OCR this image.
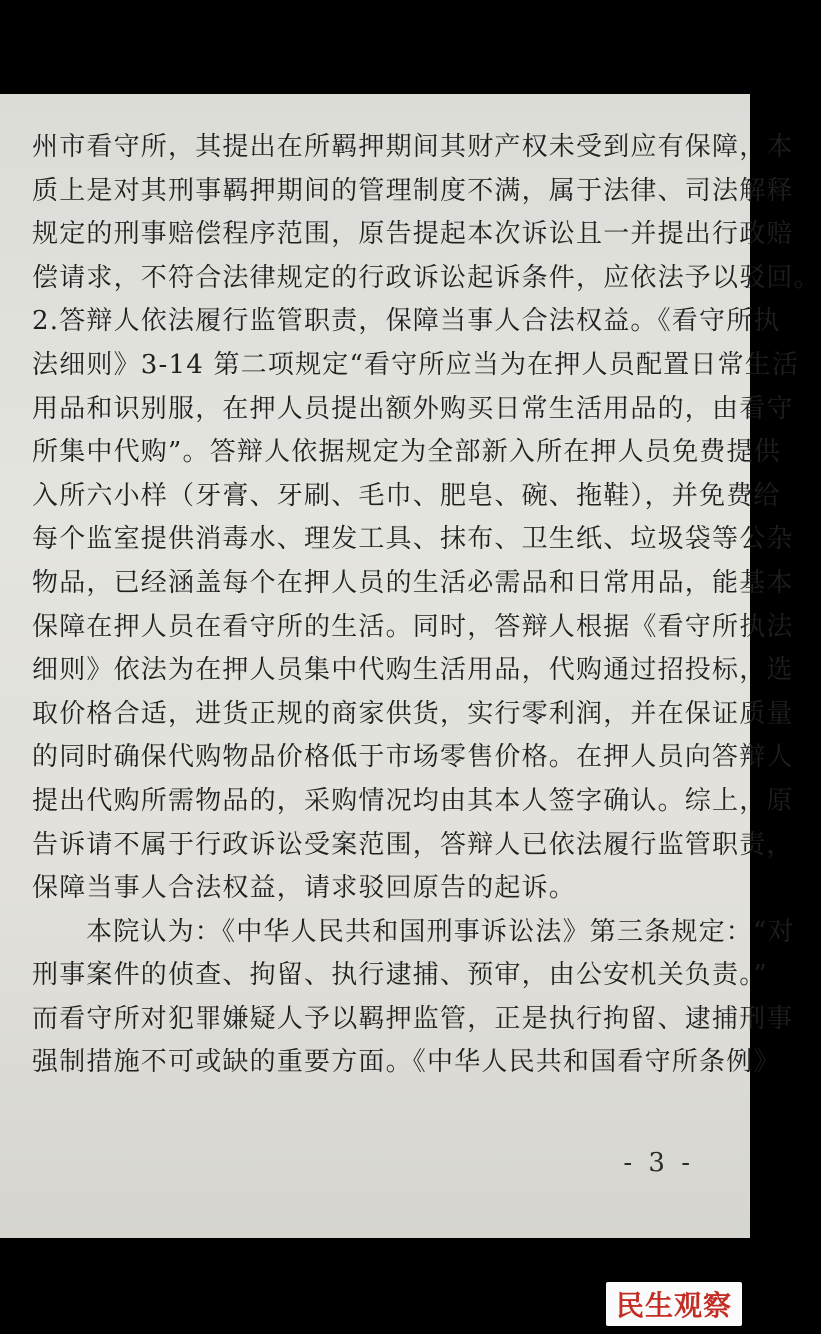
州市看守所，其提出在所羁押期间其财产权未受到应有保障，本
质上是对其刑事羁押期间的管理制度不满，属于法律、司法解释
规定的刑事赔偿程序范围，原告提起本次诉讼且一并提出行政赔
偿请求，不符合法律规定的行政诉讼起诉条件，应依法予以驳回。
2.答辩人依法履行监管职责，保障当事人合法权益。《看守所执
法细则》3-14 第二项规定“看守所应当为在押人员配置日常生活
用品和识别服，在押人员提出额外购买日常生活用品的，由看守
所集中代购”。答辩人依据规定为全部新入所在押人员免费提供
入所六小样（牙膏、牙刷、毛巾、肥皂、碗、拖鞋），并免费给
每个监室提供消毒水、理发工具、抹布、卫生纸、垃圾袋等公杂
物品，已经涵盖每个在押人员的生活必需品和日常用品，能基本
保障在押人员在看守所的生活。同时，答辩人根据《看守所执法
细则》依法为在押人员集中代购生活用品，代购通过招投标，选
取价格合适，进货正规的商家供货，实行零利润，并在保证质量
的同时确保代购物品价格低于市场零售价格。在押人员向答辩人
提出代购所需物品的，采购情况均由其本人签字确认。综上，原
告诉请不属于行政诉讼受案范围，答辩人已依法履行监管职责，
保障当事人合法权益，请求驳回原告的起诉。
本院认为：《中华人民共和国刑事诉讼法》第三条规定：“对
刑事案件的侦查、拘留、执行逮捕、预审，由公安机关负责。”
而看守所对犯罪嫌疑人予以羁押监管，正是执行拘留、逮捕刑事
强制措施不可或缺的重要方面。《中华人民共和国看守所条例》
- 3 -
民生观察
